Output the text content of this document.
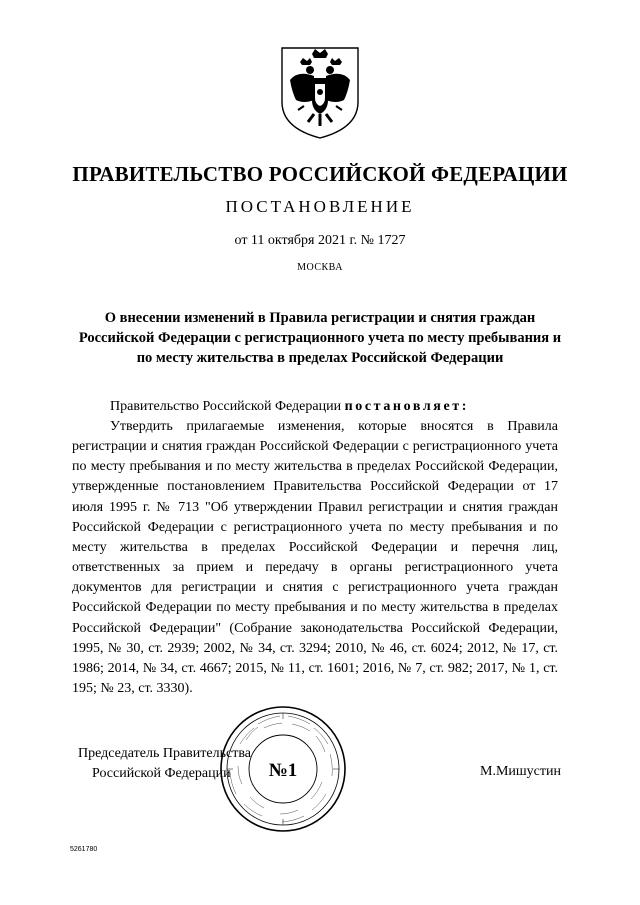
ПРАВИТЕЛЬСТВО РОССИЙСКОЙ ФЕДЕРАЦИИ
ПОСТАНОВЛЕНИЕ
от 11 октября 2021 г. № 1727
МОСКВА
О внесении изменений в Правила регистрации и снятия граждан Российской Федерации с регистрационного учета по месту пребывания и по месту жительства в пределах Российской Федерации
Правительство Российской Федерации постановляет:
Утвердить прилагаемые изменения, которые вносятся в Правила регистрации и снятия граждан Российской Федерации с регистрационного учета по месту пребывания и по месту жительства в пределах Российской Федерации, утвержденные постановлением Правительства Российской Федерации от 17 июля 1995 г. № 713 "Об утверждении Правил регистрации и снятия граждан Российской Федерации с регистрационного учета по месту пребывания и по месту жительства в пределах Российской Федерации и перечня лиц, ответственных за прием и передачу в органы регистрационного учета документов для регистрации и снятия с регистрационного учета граждан Российской Федерации по месту пребывания и по месту жительства в пределах Российской Федерации" (Собрание законодательства Российской Федерации, 1995, № 30, ст. 2939; 2002, № 34, ст. 3294; 2010, № 46, ст. 6024; 2012, № 17, ст. 1986; 2014, № 34, ст. 4667; 2015, № 11, ст. 1601; 2016, № 7, ст. 982; 2017, № 1, ст. 195; № 23, ст. 3330).
Председатель Правительства
Российской Федерации	№1	М.Мишустин
5261780
